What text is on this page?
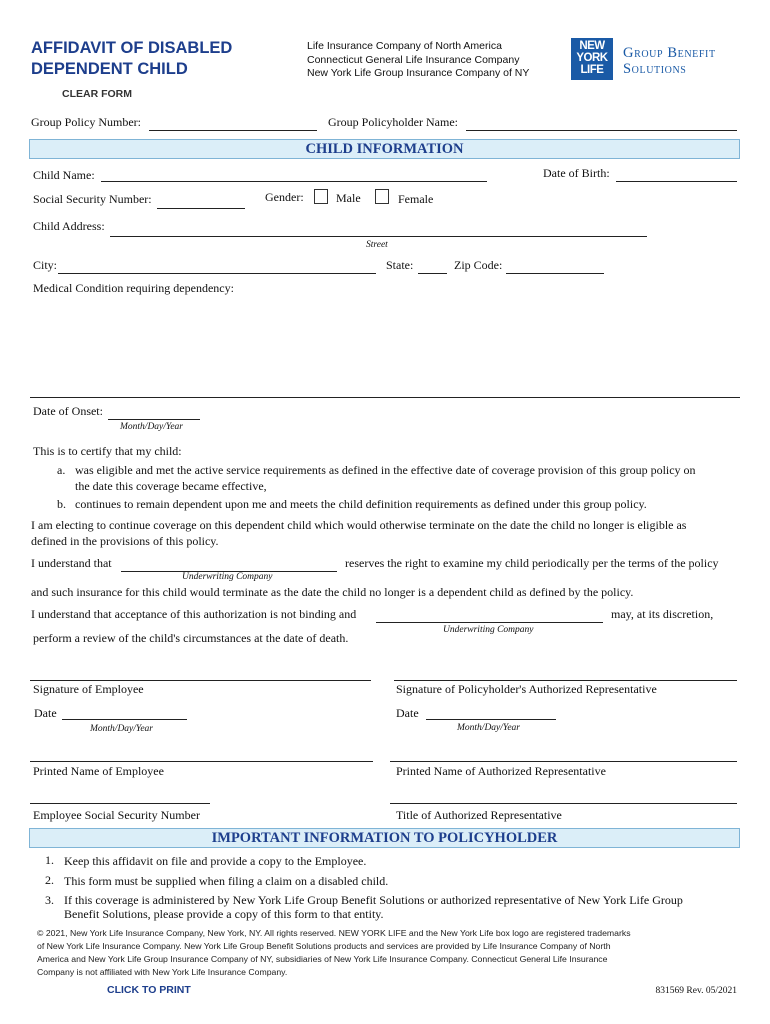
AFFIDAVIT OF DISABLED
DEPENDENT CHILD
Life Insurance Company of North America
Connecticut General Life Insurance Company
New York Life Group Insurance Company of NY
NEW
YORK
LIFE
Group Benefit
Solutions
CLEAR FORM
Group Policy Number:	Group Policyholder Name:
CHILD INFORMATION
Child Name:	Date of Birth:
Social Security Number:	Gender:	Male	Female
Child Address:
Street
City:	State:	Zip Code:
Medical Condition requiring dependency:
Date of Onset:
Month/Day/Year
This is to certify that my child:
a. was eligible and met the active service requirements as defined in the effective date of coverage provision of this group policy on
the date this coverage became effective,
b. continues to remain dependent upon me and meets the child definition requirements as defined under this group policy.
I am electing to continue coverage on this dependent child which would otherwise terminate on the date the child no longer is eligible as
defined in the provisions of this policy.
I understand that
Underwriting Company
reserves the right to examine my child periodically per the terms of the policy
and such insurance for this child would terminate as the date the child no longer is a dependent child as defined by the policy.
I understand that acceptance of this authorization is not binding and
Underwriting Company
may, at its discretion,
perform a review of the child's circumstances at the date of death.
Signature of Employee	Signature of Policyholder's Authorized Representative
Date
Month/Day/Year
Date
Month/Day/Year
Printed Name of Employee	Printed Name of Authorized Representative
Employee Social Security Number	Title of Authorized Representative
IMPORTANT INFORMATION TO POLICYHOLDER
1. Keep this affidavit on file and provide a copy to the Employee.
2. This form must be supplied when filing a claim on a disabled child.
3. If this coverage is administered by New York Life Group Benefit Solutions or authorized representative of New York Life Group
Benefit Solutions, please provide a copy of this form to that entity.
© 2021, New York Life Insurance Company, New York, NY. All rights reserved. NEW YORK LIFE and the New York Life box logo are registered trademarks
of New York Life Insurance Company. New York Life Group Benefit Solutions products and services are provided by Life Insurance Company of North
America and New York Life Group Insurance Company of NY, subsidiaries of New York Life Insurance Company. Connecticut General Life Insurance
Company is not affiliated with New York Life Insurance Company.
CLICK TO PRINT	831569 Rev. 05/2021
